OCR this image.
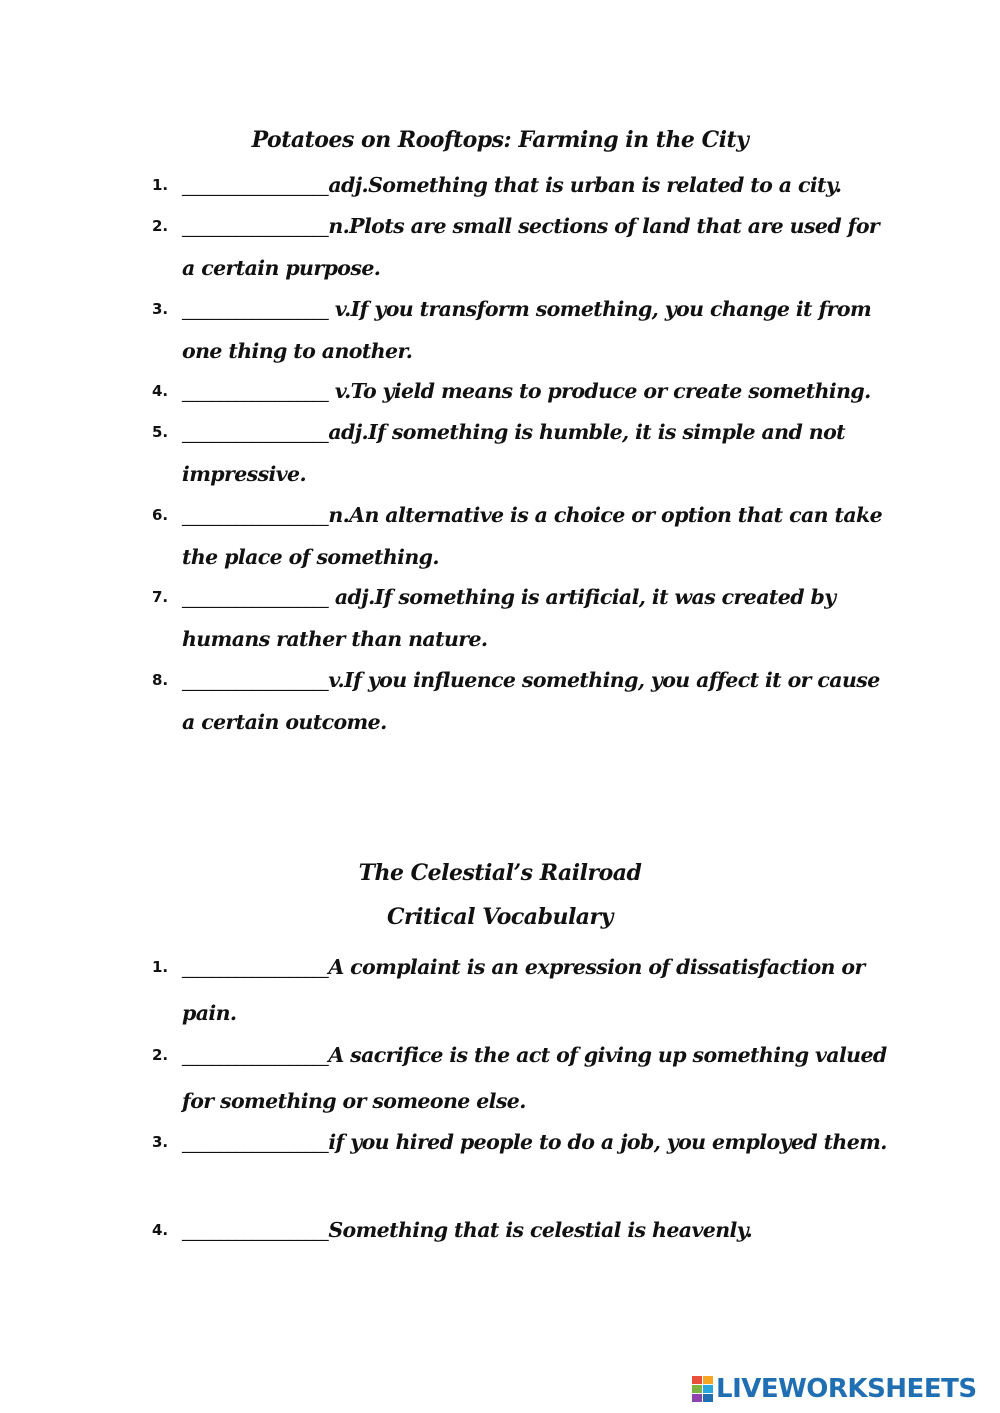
Potatoes on Rooftops: Farming in the City
1. ___________________adj.Something that is urban is related to a city.
2. ___________________n.Plots are small sections of land that are used for a certain purpose.
3. ___________________ v.If you transform something, you change it from one thing to another.
4. ___________________ v.To yield means to produce or create something.
5. ___________________adj.If something is humble, it is simple and not impressive.
6. ___________________n.An alternative is a choice or option that can take the place of something.
7. ___________________ adj.If something is artificial, it was created by humans rather than nature.
8. ___________________v.If you influence something, you affect it or cause a certain outcome.
The Celestial’s Railroad
Critical Vocabulary
1. ___________________A complaint is an expression of dissatisfaction or pain.
2. ___________________A sacrifice is the act of giving up something valued for something or someone else.
3. ___________________if you hired people to do a job, you employed them.
4. ___________________Something that is celestial is heavenly.
LIVEWORKSHEETS
